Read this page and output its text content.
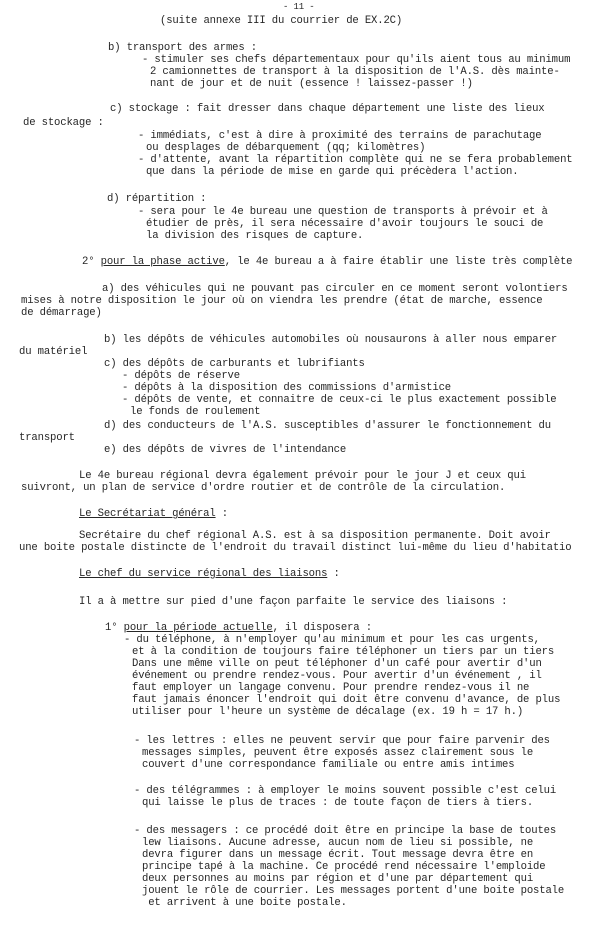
- 11 -
(suite annexe III du courrier de EX.2C)
b) transport des armes :
- stimuler ses chefs départementaux pour qu'ils aient tous au minimum
2 camionnettes de transport à la disposition de l'A.S. dès mainte-
nant de jour et de nuit (essence ! laissez-passer !)
c) stockage : fait dresser dans chaque département une liste des lieux
de stockage :
- immédiats, c'est à dire à proximité des terrains de parachutage
ou desplages de débarquement (qq; kilomètres)
- d'attente, avant la répartition complète qui ne se fera probablement
que dans la période de mise en garde qui précèdera l'action.
d) répartition :
- sera pour le 4e bureau une question de transports à prévoir et à
étudier de près, il sera nécessaire d'avoir toujours le souci de
la division des risques de capture.
2° pour la phase active, le 4e bureau a à faire établir une liste très complète
a) des véhicules qui ne pouvant pas circuler en ce moment seront volontiers
mises à notre disposition le jour où on viendra les prendre (état de marche, essence
de démarrage)
b) les dépôts de véhicules automobiles où nousaurons à aller nous emparer
du matériel
c) des dépôts de carburants et lubrifiants
- dépôts de réserve
- dépôts à la disposition des commissions d'armistice
- dépôts de vente, et connaitre de ceux-ci le plus exactement possible
le fonds de roulement
d) des conducteurs de l'A.S. susceptibles d'assurer le fonctionnement du
transport
e) des dépôts de vivres de l'intendance
Le 4e bureau régional devra également prévoir pour le jour J et ceux qui
suivront, un plan de service d'ordre routier et de contrôle de la circulation.
Le Secrétariat général :
Secrétaire du chef régional A.S. est à sa disposition permanente. Doit avoir
une boite postale distincte de l'endroit du travail distinct lui-même du lieu d'habitatio
Le chef du service régional des liaisons :
Il a à mettre sur pied d'une façon parfaite le service des liaisons :
1° pour la période actuelle, il disposera :
- du téléphone, à n'employer qu'au minimum et pour les cas urgents,
et à la condition de toujours faire téléphoner un tiers par un tiers
Dans une même ville on peut téléphoner d'un café pour avertir d'un
événement ou prendre rendez-vous. Pour avertir d'un événement , il
faut employer un langage convenu. Pour prendre rendez-vous il ne
faut jamais énoncer l'endroit qui doit être convenu d'avance, de plus
utiliser pour l'heure un système de décalage (ex. 19 h = 17 h.)
- les lettres : elles ne peuvent servir que pour faire parvenir des
messages simples, peuvent être exposés assez clairement sous le
couvert d'une correspondance familiale ou entre amis intimes
- des télégrammes : à employer le moins souvent possible c'est celui
qui laisse le plus de traces : de toute façon de tiers à tiers.
- des messagers : ce procédé doit être en principe la base de toutes
lew liaisons. Aucune adresse, aucun nom de lieu si possible, ne
devra figurer dans un message écrit. Tout message devra être en
principe tapé à la machine. Ce procédé rend nécessaire l'emploide
deux personnes au moins par région et d'une par département qui
jouent le rôle de courrier. Les messages portent d'une boite postale
et arrivent à une boite postale.
